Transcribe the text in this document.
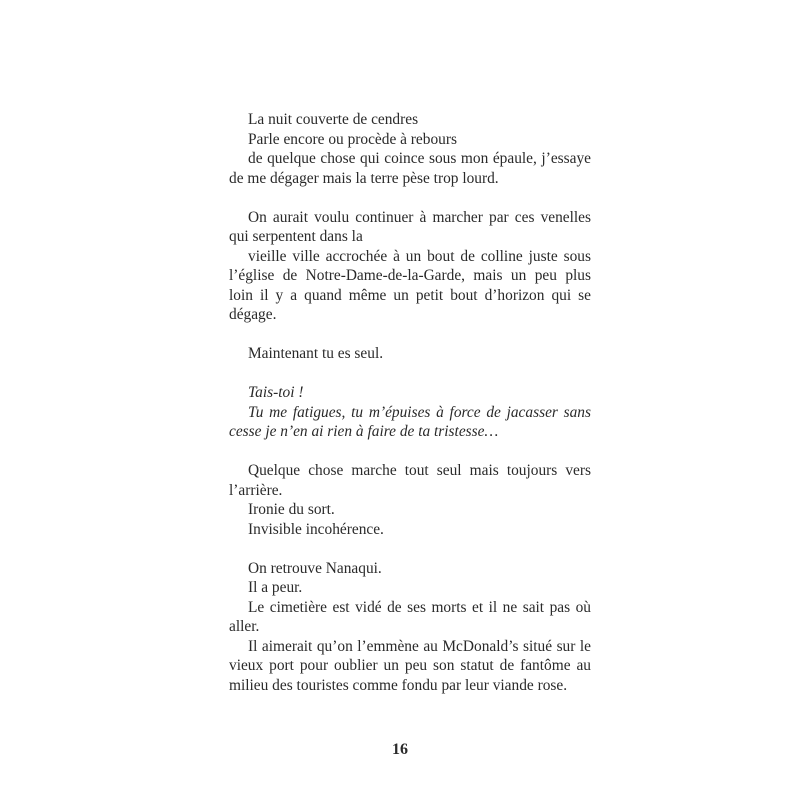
La nuit couverte de cendres
Parle encore ou procède à rebours
de quelque chose qui coince sous mon épaule, j’essaye de me dégager mais la terre pèse trop lourd.
On aurait voulu continuer à marcher par ces venelles qui serpentent dans la
vieille ville accrochée à un bout de colline juste sous l’église de Notre-Dame-de-la-Garde, mais un peu plus loin il y a quand même un petit bout d’horizon qui se dégage.
Maintenant tu es seul.
Tais-toi !
Tu me fatigues, tu m’épuises à force de jacasser sans cesse je n’en ai rien à faire de ta tristesse…
Quelque chose marche tout seul mais toujours vers l’arrière.
Ironie du sort.
Invisible incohérence.
On retrouve Nanaqui.
Il a peur.
Le cimetière est vidé de ses morts et il ne sait pas où aller.
Il aimerait qu’on l’emmène au McDonald’s situé sur le vieux port pour oublier un peu son statut de fantôme au milieu des touristes comme fondu par leur viande rose.
16
